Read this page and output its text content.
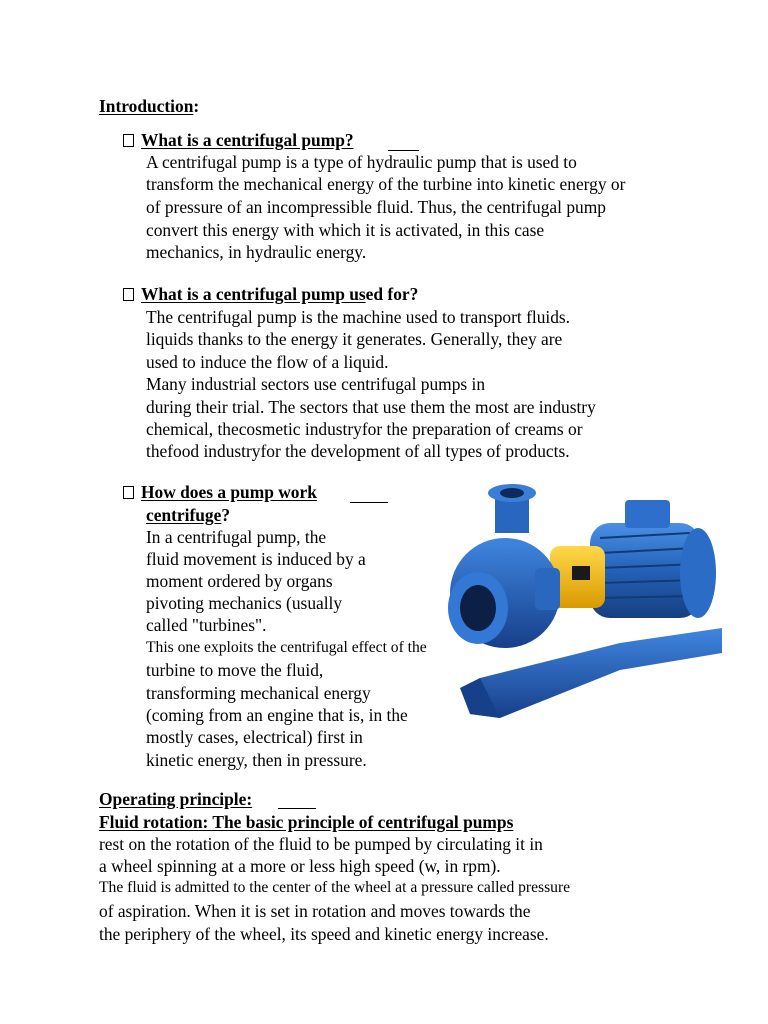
Introduction:
What is a centrifugal pump?
A centrifugal pump is a type of hydraulic pump that is used to
transform the mechanical energy of the turbine into kinetic energy or
of pressure of an incompressible fluid. Thus, the centrifugal pump
convert this energy with which it is activated, in this case
mechanics, in hydraulic energy.
What is a centrifugal pump used for?
The centrifugal pump is the machine used to transport fluids.
liquids thanks to the energy it generates. Generally, they are
used to induce the flow of a liquid.
Many industrial sectors use centrifugal pumps in
during their trial. The sectors that use them the most are industry
chemical, thecosmetic industryfor the preparation of creams or
thefood industryfor the development of all types of products.
How does a pump work
centrifuge?
In a centrifugal pump, the
fluid movement is induced by a
moment ordered by organs
pivoting mechanics (usually
called "turbines".
This one exploits the centrifugal effect of the
turbine to move the fluid,
transforming mechanical energy
(coming from an engine that is, in the
mostly cases, electrical) first in
kinetic energy, then in pressure.
Operating principle:
Fluid rotation: The basic principle of centrifugal pumps
rest on the rotation of the fluid to be pumped by circulating it in
a wheel spinning at a more or less high speed (w, in rpm).
The fluid is admitted to the center of the wheel at a pressure called pressure
of aspiration. When it is set in rotation and moves towards the
the periphery of the wheel, its speed and kinetic energy increase.
